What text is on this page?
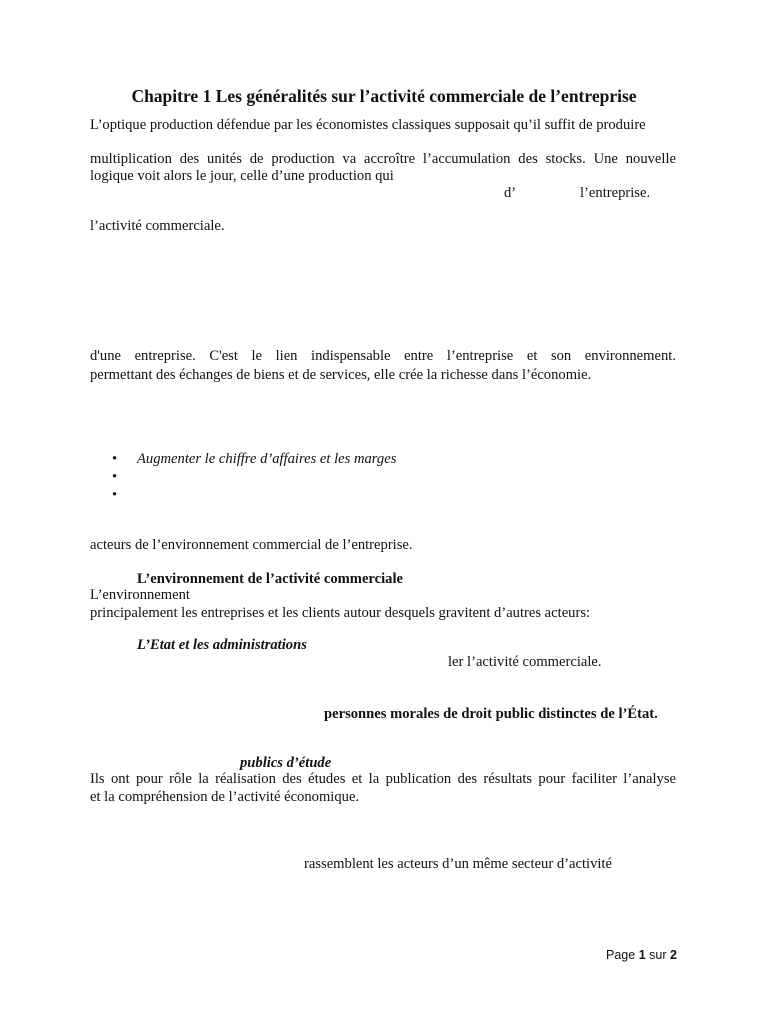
Chapitre 1 Les généralités sur l’activité commerciale de l’entreprise
L’optique production défendue par les économistes classiques supposait qu’il suffit de produire
multiplication des unités de production va accroître l’accumulation des stocks. Une nouvelle
logique voit alors le jour, celle d’une production qui
d’	l’entreprise.
l’activité commerciale.
d'une entreprise. C'est le lien indispensable entre l’entreprise et son environnement.
permettant des échanges de biens et de services, elle crée la richesse dans l’économie.
• Augmenter le chiffre d’affaires et les marges
•
•
acteurs de l’environnement commercial de l’entreprise.
L’environnement de l’activité commerciale
L’environnement
principalement les entreprises et les clients autour desquels gravitent d’autres acteurs:
L’Etat et les administrations
ler l’activité commerciale.
personnes morales de droit public distinctes de l’État.
publics d’étude
Ils ont pour rôle la réalisation des études et la publication des résultats pour faciliter l’analyse
et la compréhension de l’activité économique.
rassemblent les acteurs d’un même secteur d’activité
Page 1 sur 2
